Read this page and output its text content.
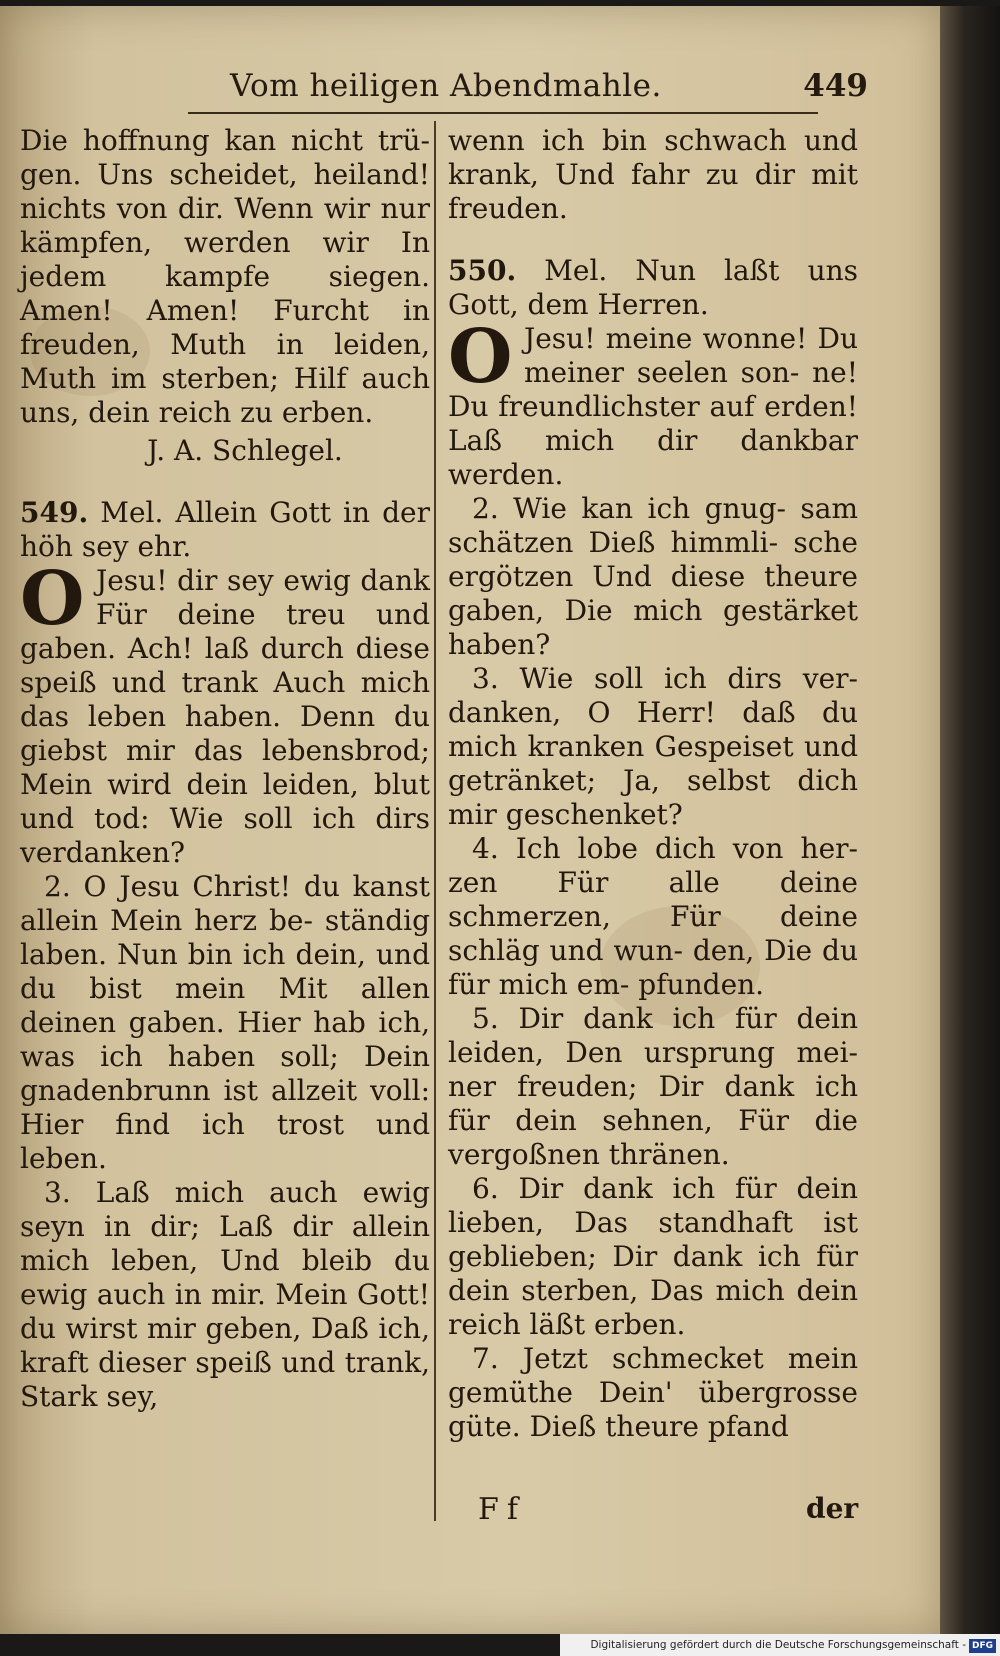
Vom heiligen Abendmahle.	449

Die hoffnung kan nicht trü- gen. Uns scheidet, heiland! nichts von dir. Wenn wir nur kämpfen, werden wir In jedem kampfe siegen. Amen! Amen! Furcht in freuden, Muth in leiden, Muth im sterben; Hilf auch uns, dein reich zu erben.

J. A. Schlegel.

549. Mel. Allein Gott in der höh sey ehr.

O Jesu! dir sey ewig dank Für deine treu und gaben. Ach! laß durch diese speiß und trank Auch mich das leben haben. Denn du giebst mir das lebensbrod; Mein wird dein leiden, blut und tod: Wie soll ich dirs verdanken?

2. O Jesu Christ! du kanst allein Mein herz be- ständig laben. Nun bin ich dein, und du bist mein Mit allen deinen gaben. Hier hab ich, was ich haben soll; Dein gnadenbrunn ist allzeit voll: Hier find ich trost und leben.

3. Laß mich auch ewig seyn in dir; Laß dir allein mich leben, Und bleib du ewig auch in mir. Mein Gott! du wirst mir geben, Daß ich, kraft dieser speiß und trank, Stark sey,

wenn ich bin schwach und krank, Und fahr zu dir mit freuden.

550. Mel. Nun laßt uns Gott, dem Herren.

O Jesu! meine wonne! Du meiner seelen son- ne! Du freundlichster auf erden! Laß mich dir dankbar werden.

2. Wie kan ich gnug- sam schätzen Dieß himmli- sche ergötzen Und diese theure gaben, Die mich gestärket haben?

3. Wie soll ich dirs ver- danken, O Herr! daß du mich kranken Gespeiset und getränket; Ja, selbst dich mir geschenket?

4. Ich lobe dich von her- zen Für alle deine schmerzen, Für deine schläg und wun- den, Die du für mich em- pfunden.

5. Dir dank ich für dein leiden, Den ursprung mei- ner freuden; Dir dank ich für dein sehnen, Für die vergoßnen thränen.

6. Dir dank ich für dein lieben, Das standhaft ist geblieben; Dir dank ich für dein sterben, Das mich dein reich läßt erben.

7. Jetzt schmecket mein gemüthe Dein' übergrosse güte. Dieß theure pfand

Ff	der
Digitalisierung gefördert durch die Deutsche Forschungsgemeinschaft - DFG
